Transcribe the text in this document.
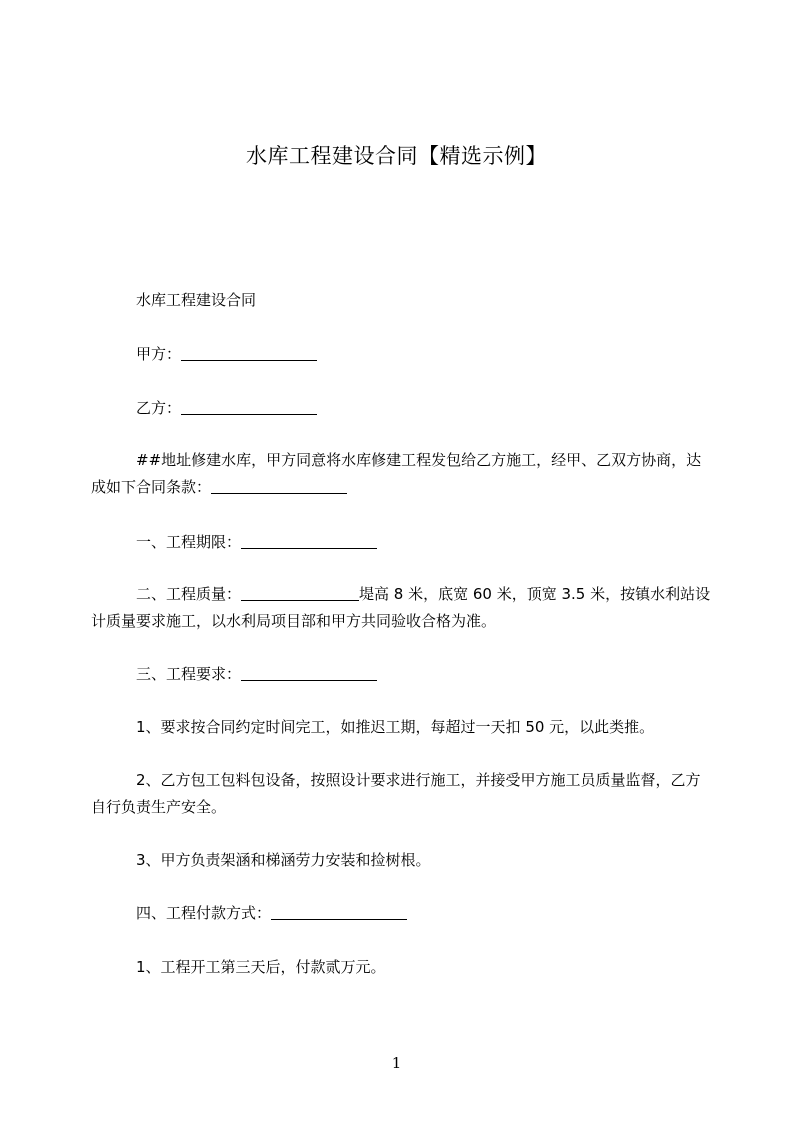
水库工程建设合同【精选示例】
水库工程建设合同
甲方：
乙方：
##地址修建水库，甲方同意将水库修建工程发包给乙方施工，经甲、乙双方协商，达成如下合同条款：
一、工程期限：
二、工程质量：	堤高 8 米，底宽 60 米，顶宽 3.5 米，按镇水利站设计质量要求施工，以水利局项目部和甲方共同验收合格为准。
三、工程要求：
1、要求按合同约定时间完工，如推迟工期，每超过一天扣 50 元，以此类推。
2、乙方包工包料包设备，按照设计要求进行施工，并接受甲方施工员质量监督，乙方自行负责生产安全。
3、甲方负责架涵和梯涵劳力安装和捡树根。
四、工程付款方式：
1、工程开工第三天后，付款贰万元。
1
